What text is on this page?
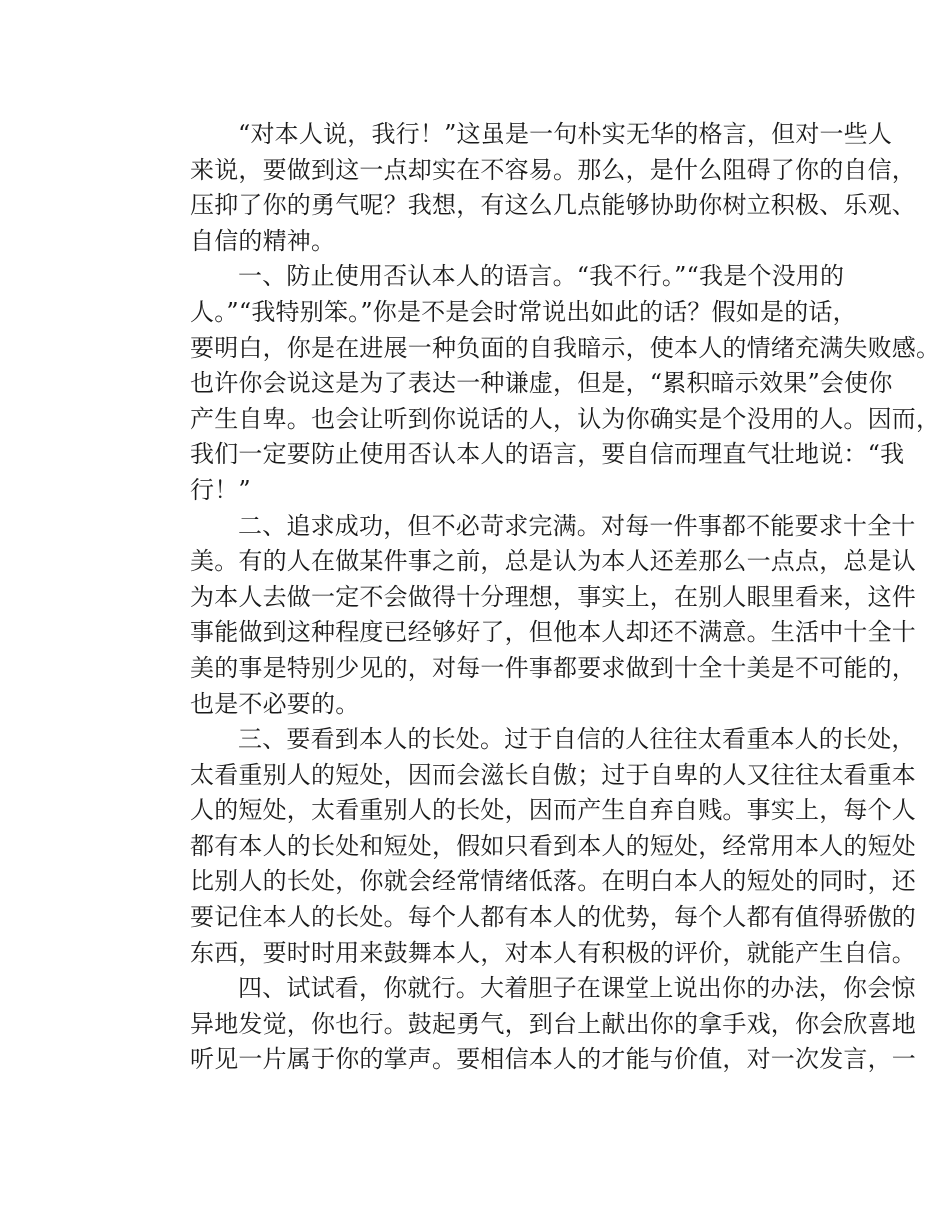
“对本人说，我行！”这虽是一句朴实无华的格言，但对一些人
来说，要做到这一点却实在不容易。那么，是什么阻碍了你的自信，
压抑了你的勇气呢？我想，有这么几点能够协助你树立积极、乐观、
自信的精神。
一、防止使用否认本人的语言。“我不行。”“我是个没用的
人。”“我特别笨。”你是不是会时常说出如此的话？假如是的话，
要明白，你是在进展一种负面的自我暗示，使本人的情绪充满失败感。
也许你会说这是为了表达一种谦虚，但是，“累积暗示效果”会使你
产生自卑。也会让听到你说话的人，认为你确实是个没用的人。因而，
我们一定要防止使用否认本人的语言，要自信而理直气壮地说：“我
行！”
二、追求成功，但不必苛求完满。对每一件事都不能要求十全十
美。有的人在做某件事之前，总是认为本人还差那么一点点，总是认
为本人去做一定不会做得十分理想，事实上，在别人眼里看来，这件
事能做到这种程度已经够好了，但他本人却还不满意。生活中十全十
美的事是特别少见的，对每一件事都要求做到十全十美是不可能的，
也是不必要的。
三、要看到本人的长处。过于自信的人往往太看重本人的长处，
太看重别人的短处，因而会滋长自傲；过于自卑的人又往往太看重本
人的短处，太看重别人的长处，因而产生自弃自贱。事实上，每个人
都有本人的长处和短处，假如只看到本人的短处，经常用本人的短处
比别人的长处，你就会经常情绪低落。在明白本人的短处的同时，还
要记住本人的长处。每个人都有本人的优势，每个人都有值得骄傲的
东西，要时时用来鼓舞本人，对本人有积极的评价，就能产生自信。
四、试试看，你就行。大着胆子在课堂上说出你的办法，你会惊
异地发觉，你也行。鼓起勇气，到台上献出你的拿手戏，你会欣喜地
听见一片属于你的掌声。要相信本人的才能与价值，对一次发言，一
